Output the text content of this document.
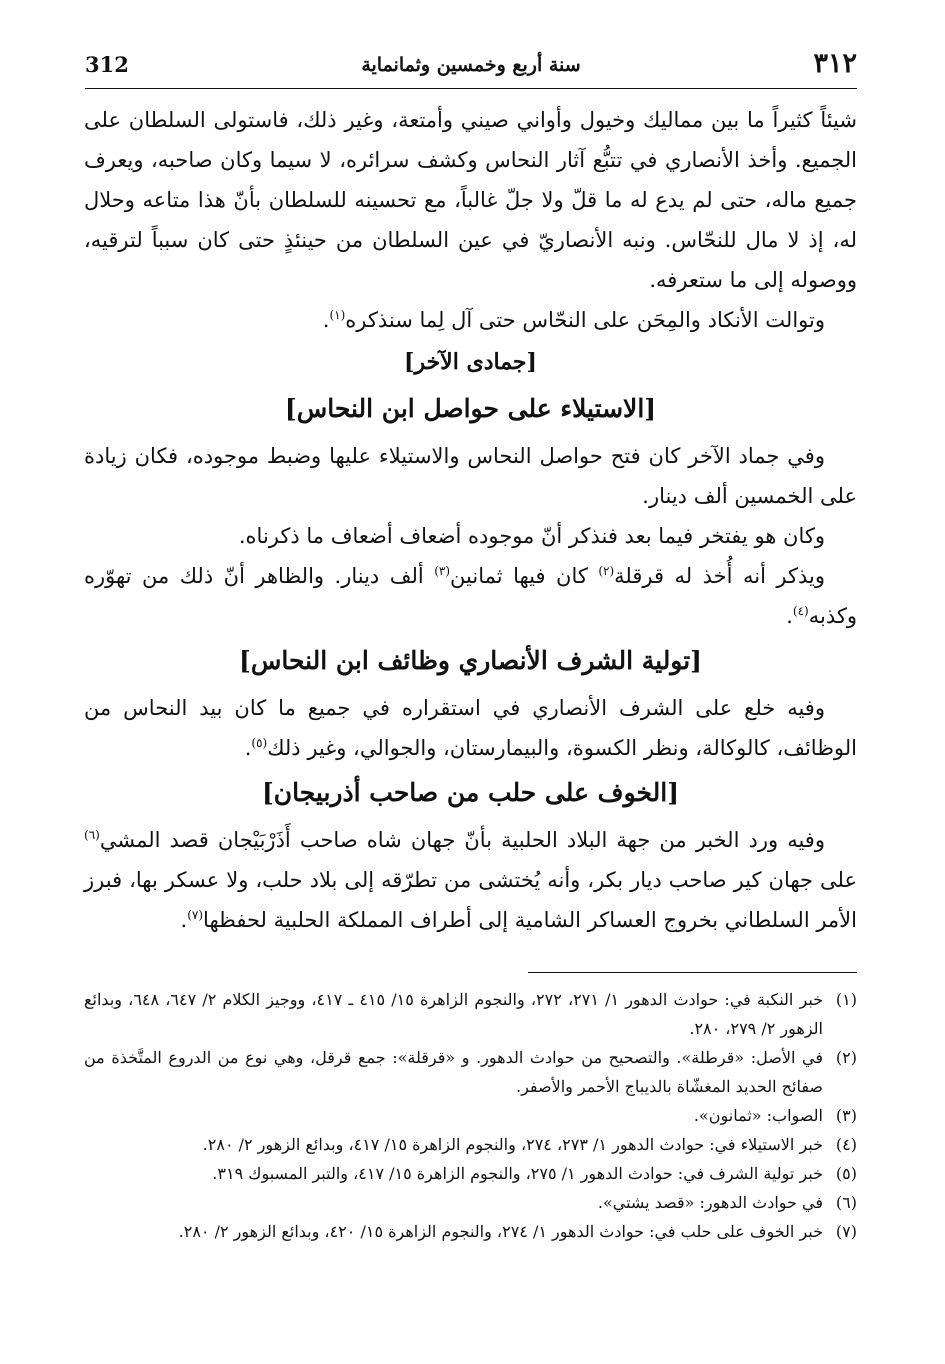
٣١٢
سنة أربع وخمسين وثمانماية
312

شيئاً كثيراً ما بين مماليك وخيول وأواني صيني وأمتعة، وغير ذلك، فاستولى السلطان على الجميع. وأخذ الأنصاري في تتبُّع آثار النحاس وكشف سرائره، لا سيما وكان صاحبه، ويعرف جميع ماله، حتى لم يدع له ما قلّ ولا جلّ غالباً، مع تحسينه للسلطان بأنّ هذا متاعه وحلال له، إذ لا مال للنحّاس. ونبه الأنصاريّ في عين السلطان من حينئذٍ حتى كان سبباً لترقيه، ووصوله إلى ما ستعرفه.

وتوالت الأنكاد والمِحَن على النحّاس حتى آل لِما سنذكره$^{(١)}$.

[جمادى الآخر]
[الاستيلاء على حواصل ابن النحاس]

وفي جماد الآخر كان فتح حواصل النحاس والاستيلاء عليها وضبط موجوده، فكان زيادة على الخمسين ألف دينار.

وكان هو يفتخر فيما بعد فنذكر أنّ موجوده أضعاف أضعاف ما ذكرناه.

ويذكر أنه أُخذ له قرقلة$^{(٢)}$ كان فيها ثمانين$^{(٣)}$ ألف دينار. والظاهر أنّ ذلك من تهوّره وكذبه$^{(٤)}$.

[تولية الشرف الأنصاري وظائف ابن النحاس]

وفيه خلع على الشرف الأنصاري في استقراره في جميع ما كان بيد النحاس من الوظائف، كالوكالة، ونظر الكسوة، والبيمارستان، والجوالي، وغير ذلك$^{(٥)}$.

[الخوف على حلب من صاحب أذربيجان]

وفيه ورد الخبر من جهة البلاد الحلبية بأنّ جهان شاه صاحب أَذَرْبَيْجان قصد المشي$^{(٦)}$ على جهان كير صاحب ديار بكر، وأنه يُختشى من تطرّقه إلى بلاد حلب، ولا عسكر بها، فبرز الأمر السلطاني بخروج العساكر الشامية إلى أطراف المملكة الحلبية لحفظها$^{(٧)}$.

(١)
خبر النكبة في: حوادث الدهور ١/ ٢٧١، ٢٧٢، والنجوم الزاهرة ١٥/ ٤١٥ ـ ٤١٧، ووجيز الكلام ٢/ ٦٤٧، ٦٤٨، وبدائع الزهور ٢/ ٢٧٩، ٢٨٠.
(٢)
في الأصل: «قرطلة». والتصحيح من حوادث الدهور. و «قرقلة»: جمع قرقل، وهي نوع من الدروع المتَّخذة من صفائح الحديد المغشّاة بالديباج الأحمر والأصفر.
(٣)
الصواب: «ثمانون».
(٤)
خبر الاستيلاء في: حوادث الدهور ١/ ٢٧٣، ٢٧٤، والنجوم الزاهرة ١٥/ ٤١٧، وبدائع الزهور ٢/ ٢٨٠.
(٥)
خبر تولية الشرف في: حوادث الدهور ١/ ٢٧٥، والنجوم الزاهرة ١٥/ ٤١٧، والتبر المسبوك ٣١٩.
(٦)
في حوادث الدهور: «قصد يشتي».
(٧)
خبر الخوف على حلب في: حوادث الدهور ١/ ٢٧٤، والنجوم الزاهرة ١٥/ ٤٢٠، وبدائع الزهور ٢/ ٢٨٠.
